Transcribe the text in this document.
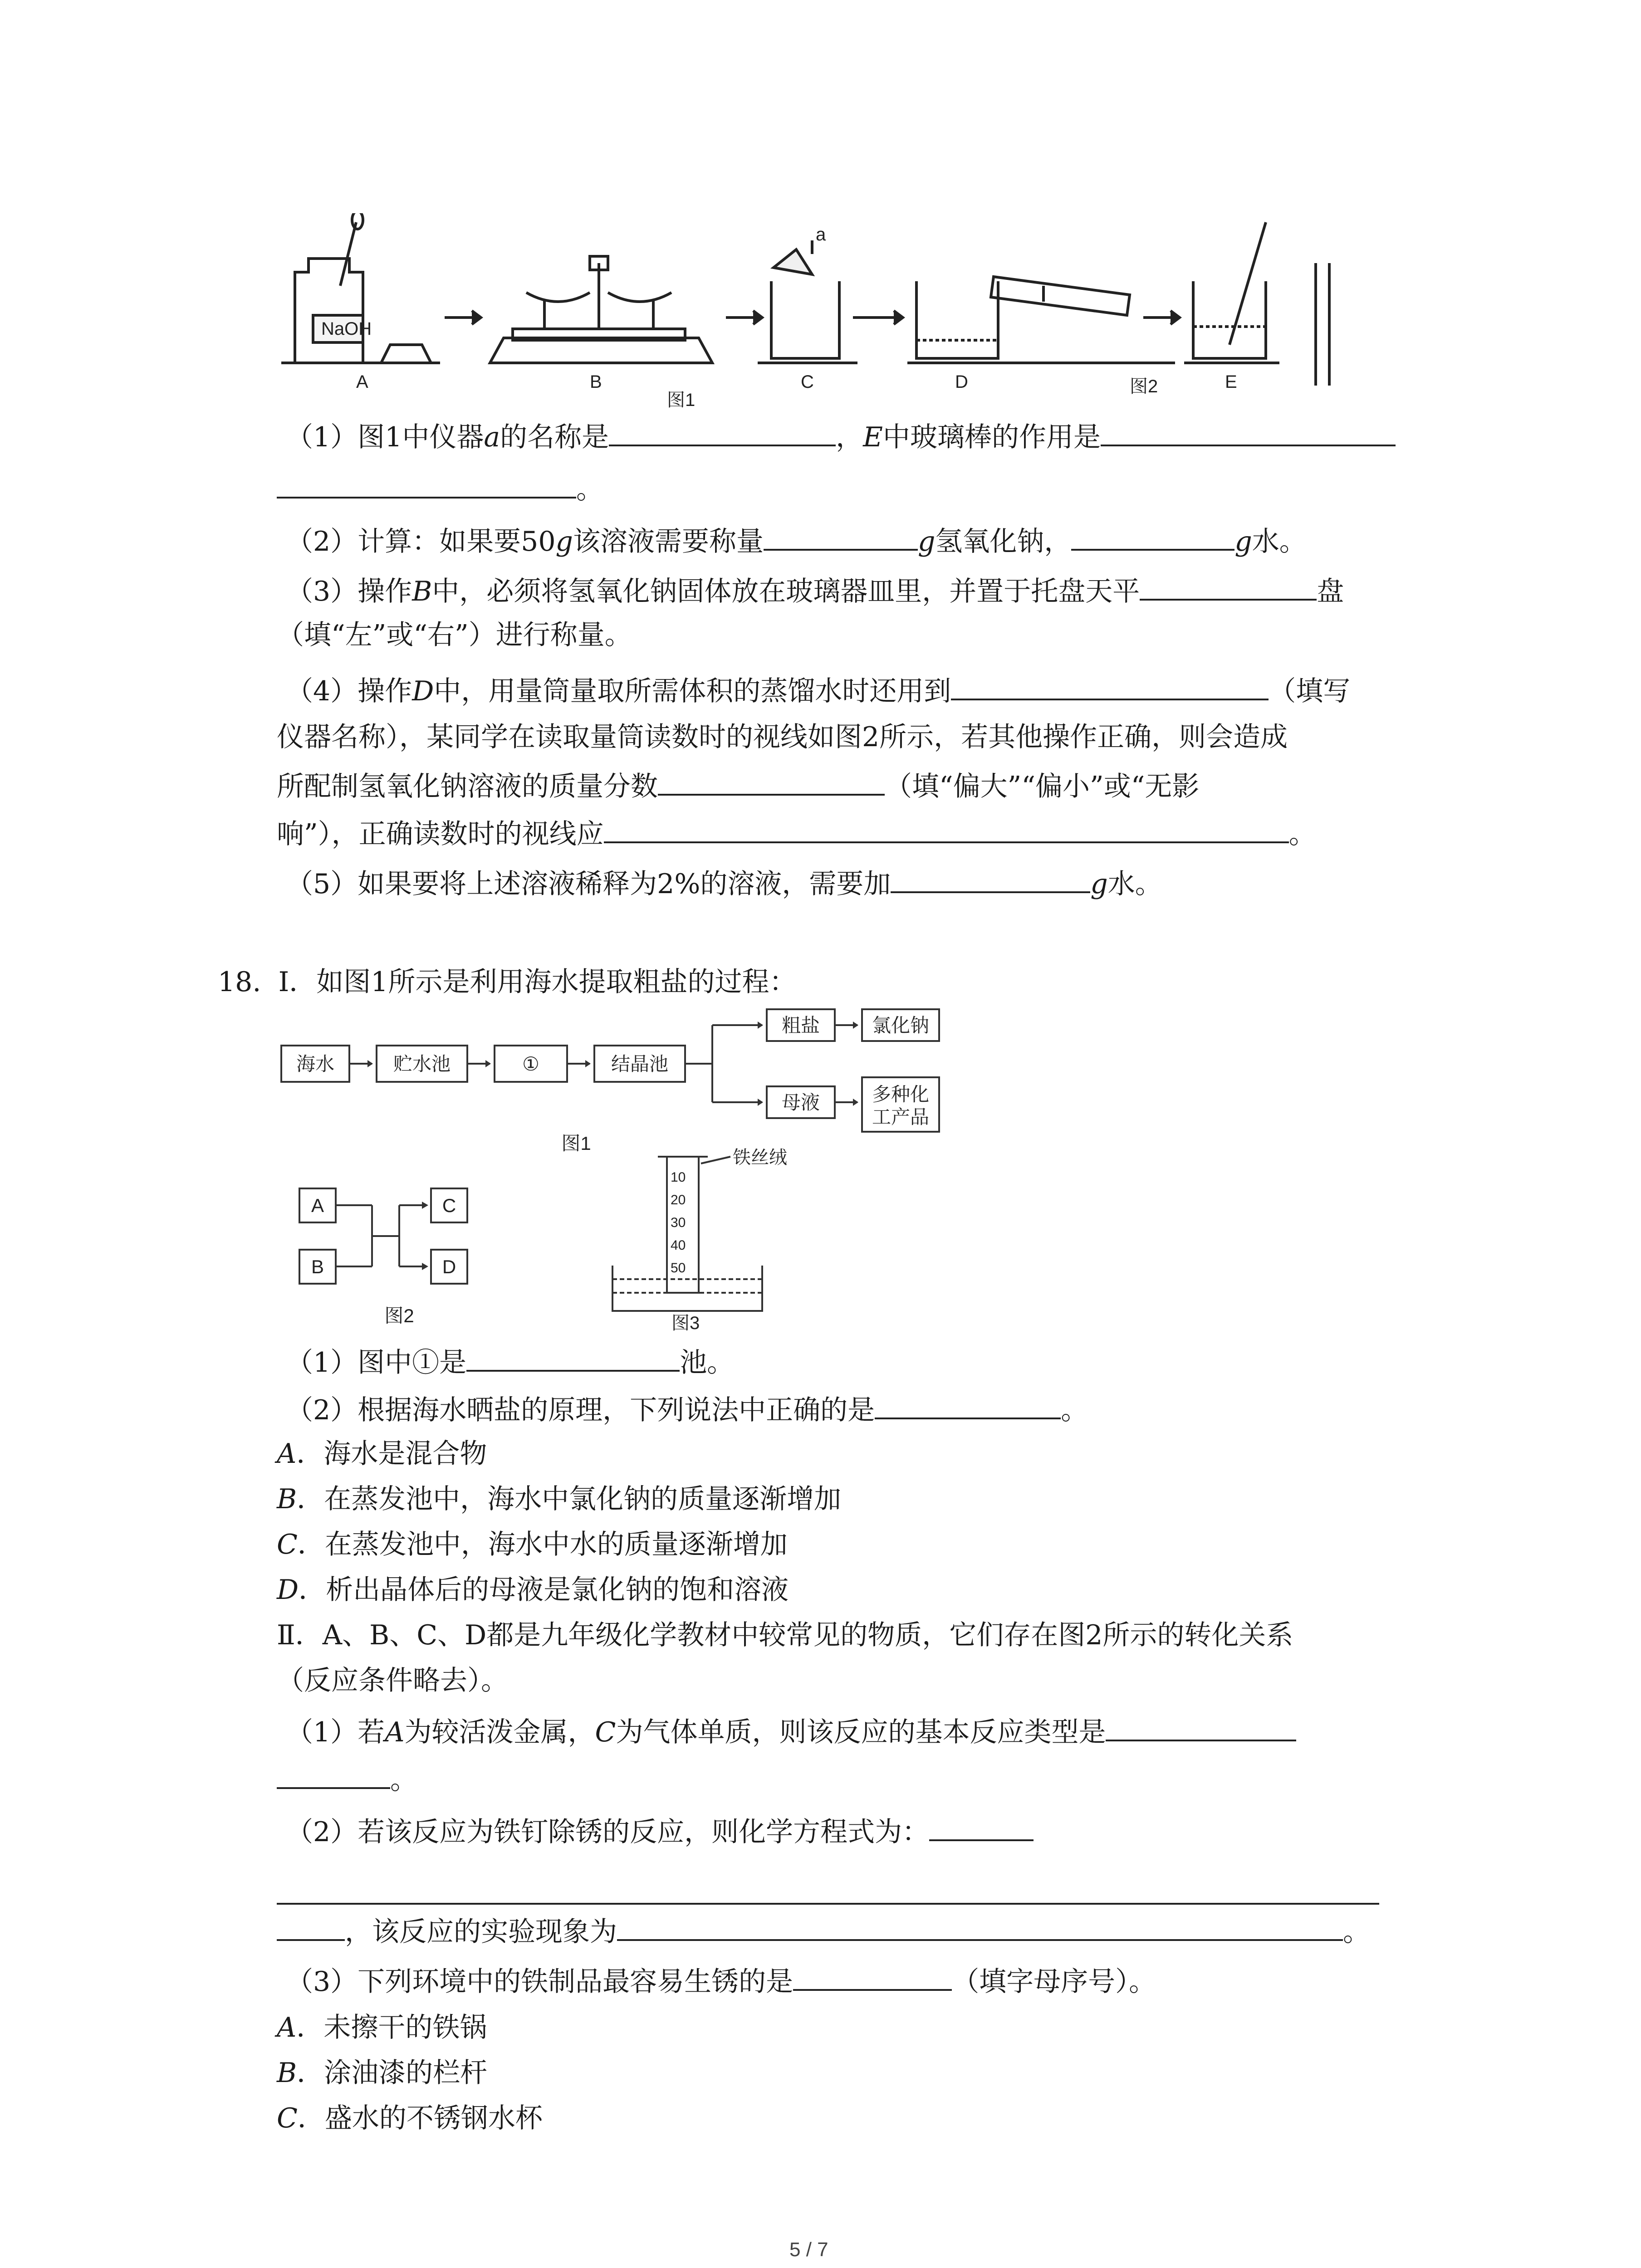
NaOH
a
A	B	C	D	E
图1
图2
（1）图1中仪器a的名称是	，E中玻璃棒的作用是
。
（2）计算：如果要50g该溶液需要称量	g氢氧化钠，	g水。
（3）操作B中，必须将氢氧化钠固体放在玻璃器皿里，并置于托盘天平	盘
（填“左”或“右”）进行称量。
（4）操作D中，用量筒量取所需体积的蒸馏水时还用到	（填写
仪器名称），某同学在读取量筒读数时的视线如图2所示，若其他操作正确，则会造成
所配制氢氧化钠溶液的质量分数	（填“偏大”“偏小”或“无影
响”），正确读数时的视线应	。
（5）如果要将上述溶液稀释为2%的溶液，需要加	g水。
18. Ⅰ．如图1所示是利用海水提取粗盐的过程：
海水	贮水池	①	结晶池
粗盐	氯化钠
母液	多种化
工产品
图1
A
B
C
D
图2
10
20
30
40
50
铁丝绒
图3
（1）图中①是	池。
（2）根据海水晒盐的原理，下列说法中正确的是	。
A．海水是混合物
B．在蒸发池中，海水中氯化钠的质量逐渐增加
C．在蒸发池中，海水中水的质量逐渐增加
D．析出晶体后的母液是氯化钠的饱和溶液
Ⅱ．A、B、C、D都是九年级化学教材中较常见的物质，它们存在图2所示的转化关系
（反应条件略去）。
（1）若A为较活泼金属，C为气体单质，则该反应的基本反应类型是
。
（2）若该反应为铁钉除锈的反应，则化学方程式为：
，该反应的实验现象为	。
（3）下列环境中的铁制品最容易生锈的是	（填字母序号）。
A．未擦干的铁锅
B．涂油漆的栏杆
C．盛水的不锈钢水杯
5 / 7
